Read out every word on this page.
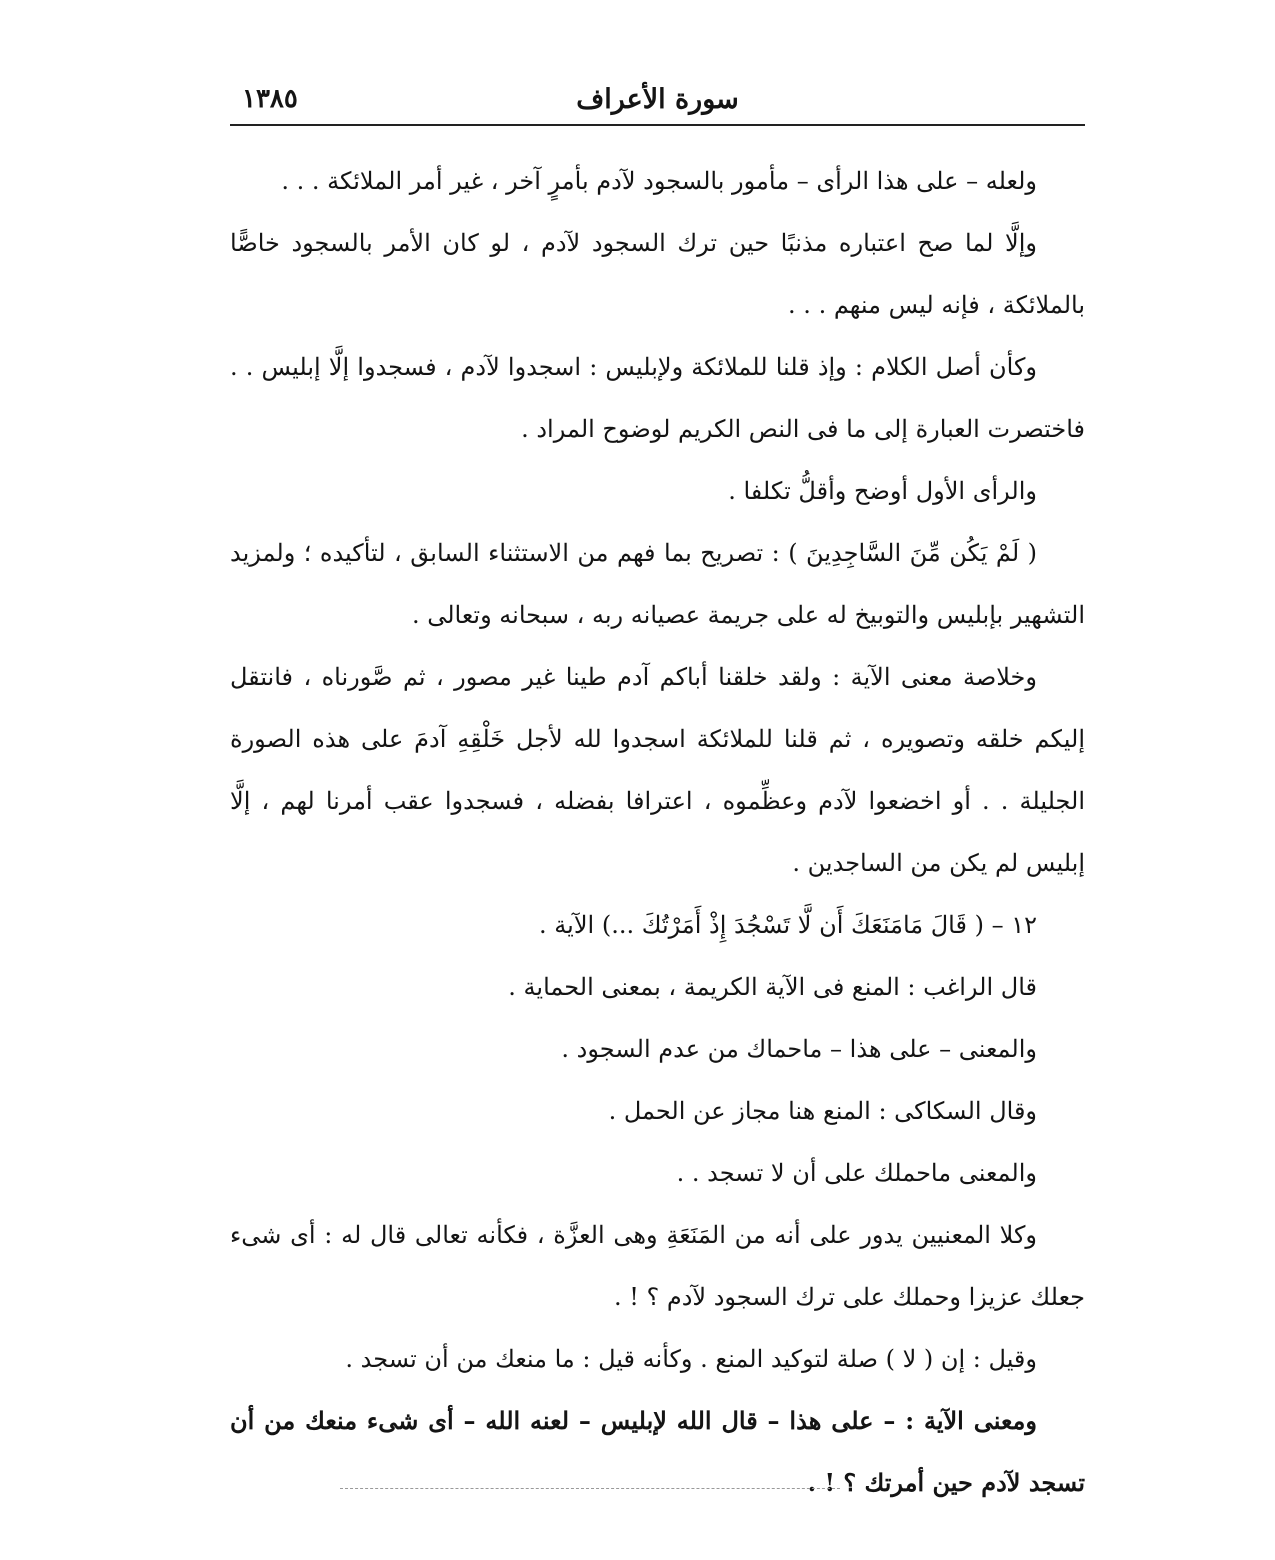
سورة الأعراف
١٣٨٥

ولعله – على هذا الرأى – مأمور بالسجود لآدم بأمرٍ آخر ، غير أمر الملائكة . . .

وإلَّا لما صح اعتباره مذنبًا حين ترك السجود لآدم ، لو كان الأمر بالسجود خاصًّا بالملائكة ، فإنه ليس منهم . . .

وكأن أصل الكلام : وإذ قلنا للملائكة ولإبليس : اسجدوا لآدم ، فسجدوا إلَّا إبليس . . فاختصرت العبارة إلى ما فى النص الكريم لوضوح المراد .

والرأى الأول أوضح وأقلُّ تكلفا .

( لَمْ يَكُن مِّنَ السَّاجِدِينَ ) : تصريح بما فهم من الاستثناء السابق ، لتأكيده ؛ ولمزيد التشهير بإبليس والتوبيخ له على جريمة عصيانه ربه ، سبحانه وتعالى .

وخلاصة معنى الآية : ولقد خلقنا أباكم آدم طينا غير مصور ، ثم صَّورناه ، فانتقل إليكم خلقه وتصويره ، ثم قلنا للملائكة اسجدوا لله لأجل خَلْقِهِ آدمَ على هذه الصورة الجليلة . . أو اخضعوا لآدم وعظِّموه ، اعترافا بفضله ، فسجدوا عقب أمرنا لهم ، إلَّا إبليس لم يكن من الساجدين .

١٢ – ( قَالَ مَامَنَعَكَ أَن لَّا تَسْجُدَ إِذْ أَمَرْتُكَ ...) الآية .

قال الراغب : المنع فى الآية الكريمة ، بمعنى الحماية .

والمعنى – على هذا – ماحماك من عدم السجود .

وقال السكاكى : المنع هنا مجاز عن الحمل .

والمعنى ماحملك على أن لا تسجد . .

وكلا المعنيين يدور على أنه من المَنَعَةِ وهى العزَّة ، فكأنه تعالى قال له : أى شىء جعلك عزيزا وحملك على ترك السجود لآدم ؟ ! .

وقيل : إن ( لا ) صلة لتوكيد المنع . وكأنه قيل : ما منعك من أن تسجد .

ومعنى الآية : – على هذا – قال الله لإبليس – لعنه الله – أى شىء منعك من أن تسجد لآدم حين أمرتك ؟ ! .
